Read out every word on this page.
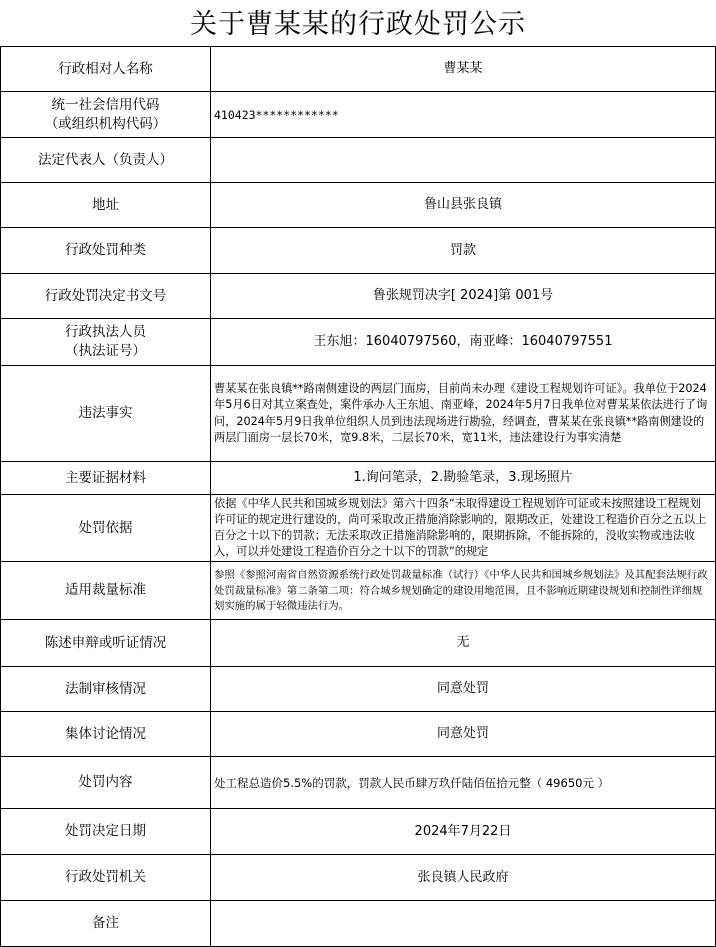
关于曹某某的行政处罚公示
行政相对人名称	曹某某
统一社会信用代码
（或组织机构代码）	410423************
法定代表人（负责人）	
地址	鲁山县张良镇
行政处罚种类	罚款
行政处罚决定书文号	鲁张规罚决字[ 2024]第 001号
行政执法人员
（执法证号）	王东旭：16040797560，南亚峰：16040797551
违法事实	曹某某在张良镇**路南侧建设的两层门面房，目前尚未办理《建设工程规划许可证》。我单位于2024年5月6日对其立案查处，案件承办人王东旭、南亚峰，2024年5月7日我单位对曹某某依法进行了询问，2024年5月9日我单位组织人员到违法现场进行勘验，经调查，曹某某在张良镇**路南侧建设的两层门面房一层长70米，宽9.8米，二层长70米，宽11米，违法建设行为事实清楚
主要证据材料	1.询问笔录，2.勘验笔录，3.现场照片
处罚依据	依据《中华人民共和国城乡规划法》第六十四条“未取得建设工程规划许可证或未按照建设工程规划许可证的规定进行建设的，尚可采取改正措施消除影响的，限期改正，处建设工程造价百分之五以上百分之十以下的罚款；无法采取改正措施消除影响的，限期拆除，不能拆除的，没收实物或违法收入，可以并处建设工程造价百分之十以下的罚款”的规定
适用裁量标准	参照《参照河南省自然资源系统行政处罚裁量标准（试行）《中华人民共和国城乡规划法》及其配套法规行政处罚裁量标准》第二条第二项：符合城乡规划确定的建设用地范围，且不影响近期建设规划和控制性详细规划实施的属于轻微违法行为。
陈述申辩或听证情况	无
法制审核情况	同意处罚
集体讨论情况	同意处罚
处罚内容	处工程总造价5.5%的罚款，罚款人民币肆万玖仟陆佰伍拾元整（ 49650元 ）
处罚决定日期	2024年7月22日
行政处罚机关	张良镇人民政府
备注	
